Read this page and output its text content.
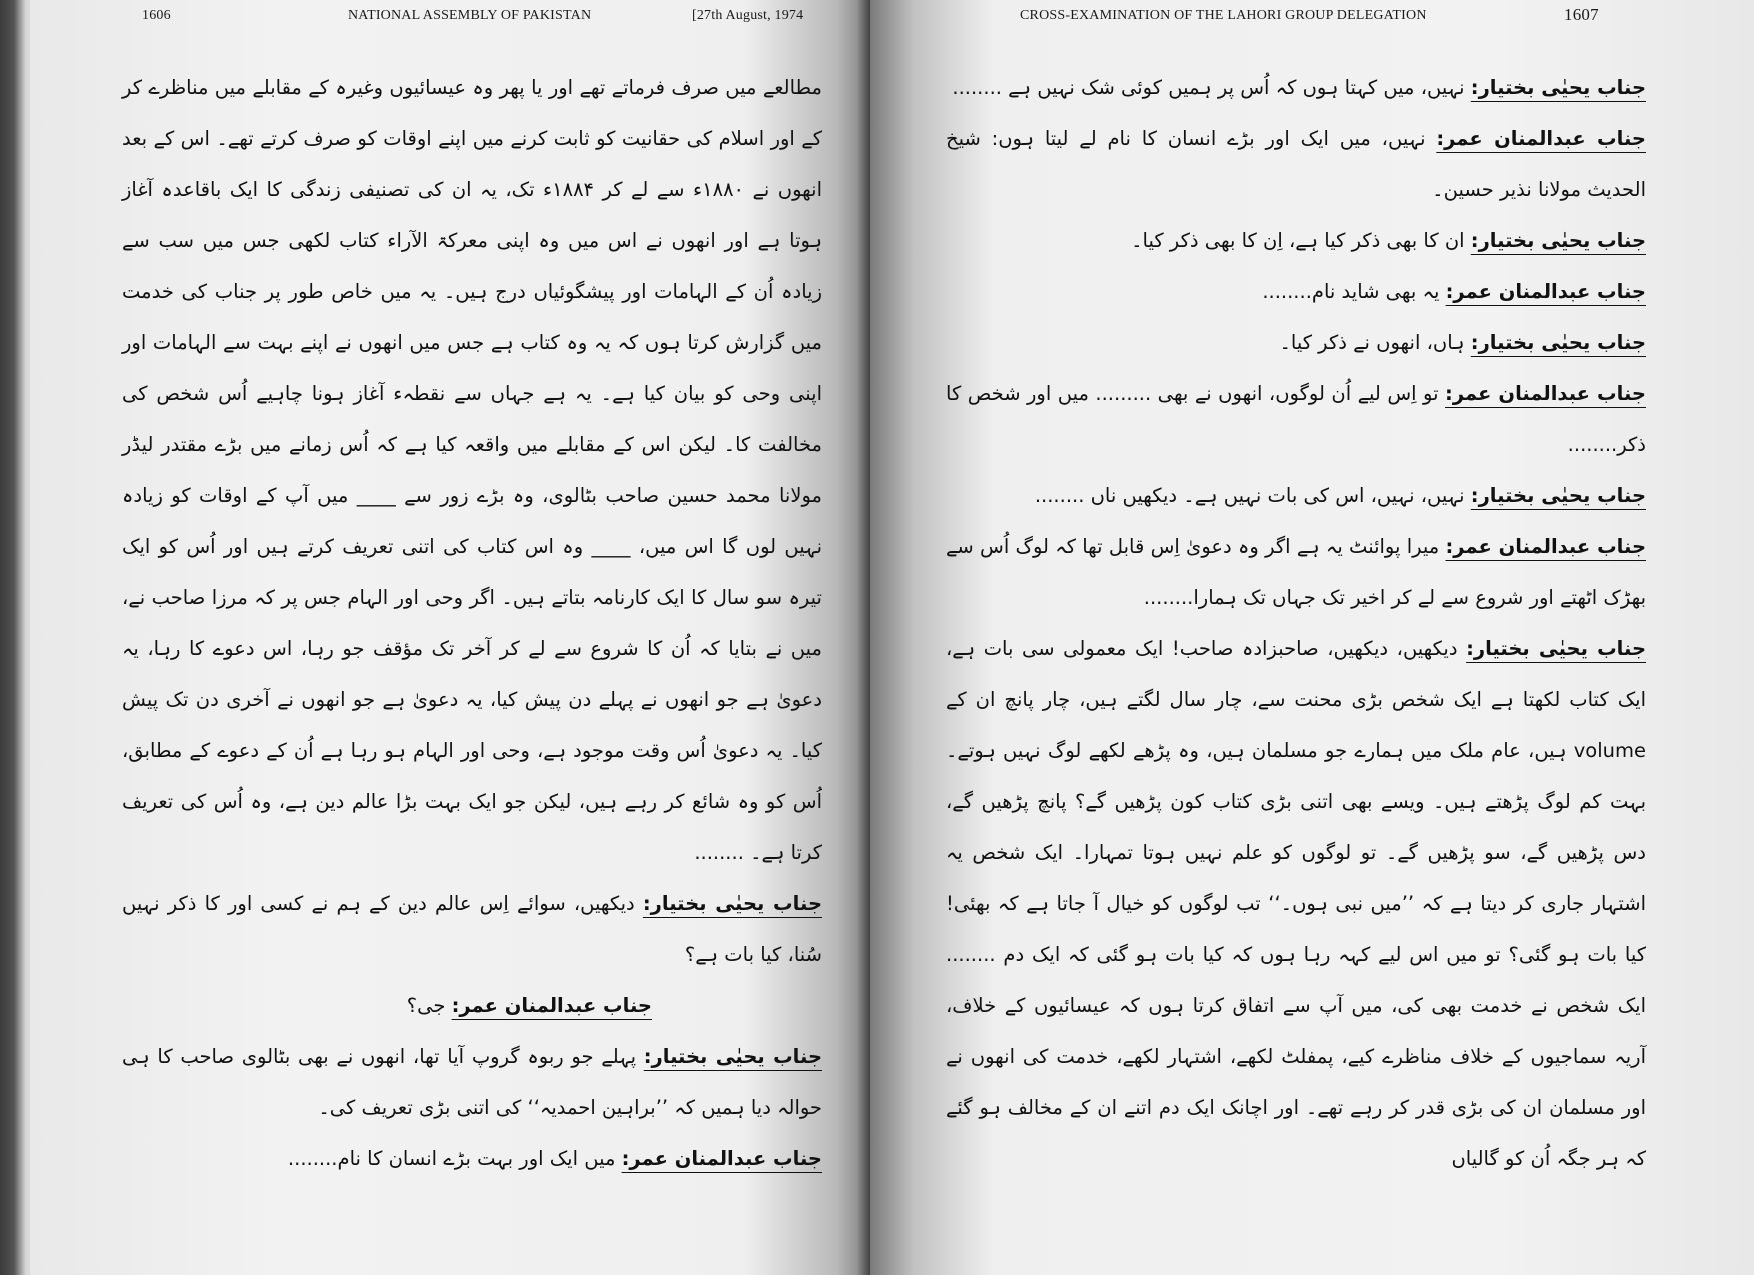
1606	NATIONAL ASSEMBLY OF PAKISTAN	[27th August, 1974

مطالعے میں صرف فرماتے تھے اور یا پھر وہ عیسائیوں وغیرہ کے مقابلے میں مناظرے کر کے اور اسلام کی حقانیت کو ثابت کرنے میں اپنے اوقات کو صرف کرتے تھے۔ اس کے بعد انھوں نے ۱۸۸۰ء سے لے کر ۱۸۸۴ء تک، یہ ان کی تصنیفی زندگی کا ایک باقاعدہ آغاز ہوتا ہے اور انھوں نے اس میں وہ اپنی معرکۃ الآراء کتاب لکھی جس میں سب سے زیادہ اُن کے الہامات اور پیشگوئیاں درج ہیں۔ یہ میں خاص طور پر جناب کی خدمت میں گزارش کرتا ہوں کہ یہ وہ کتاب ہے جس میں انھوں نے اپنے بہت سے الہامات اور اپنی وحی کو بیان کیا ہے۔ یہ ہے جہاں سے نقطہء آغاز ہونا چاہیے اُس شخص کی مخالفت کا۔ لیکن اس کے مقابلے میں واقعہ کیا ہے کہ اُس زمانے میں بڑے مقتدر لیڈر مولانا محمد حسین صاحب بٹالوی، وہ بڑے زور سے ____ میں آپ کے اوقات کو زیادہ نہیں لوں گا اس میں، ____ وہ اس کتاب کی اتنی تعریف کرتے ہیں اور اُس کو ایک تیرہ سو سال کا ایک کارنامہ بتاتے ہیں۔ اگر وحی اور الہام جس پر کہ مرزا صاحب نے، میں نے بتایا کہ اُن کا شروع سے لے کر آخر تک مؤقف جو رہا، اس دعوے کا رہا، یہ دعویٰ ہے جو انھوں نے پہلے دن پیش کیا، یہ دعویٰ ہے جو انھوں نے آخری دن تک پیش کیا۔ یہ دعویٰ اُس وقت موجود ہے، وحی اور الہام ہو رہا ہے اُن کے دعوے کے مطابق، اُس کو وہ شائع کر رہے ہیں، لیکن جو ایک بہت بڑا عالم دین ہے، وہ اُس کی تعریف کرتا ہے۔ ........

جناب یحیٰی بختیار: دیکھیں، سوائے اِس عالم دین کے ہم نے کسی اور کا ذکر نہیں سُنا، کیا بات ہے؟

جناب عبدالمنان عمر: جی؟

جناب یحیٰی بختیار: پہلے جو ربوہ گروپ آیا تھا، انھوں نے بھی بٹالوی صاحب کا ہی حوالہ دیا ہمیں کہ ’’براہین احمدیہ‘‘ کی اتنی بڑی تعریف کی۔

جناب عبدالمنان عمر: میں ایک اور بہت بڑے انسان کا نام........

CROSS-EXAMINATION OF THE LAHORI GROUP DELEGATION	1607

جناب یحیٰی بختیار: نہیں، میں کہتا ہوں کہ اُس پر ہمیں کوئی شک نہیں ہے ........

جناب عبدالمنان عمر: نہیں، میں ایک اور بڑے انسان کا نام لے لیتا ہوں: شیخ الحدیث مولانا نذیر حسین۔

جناب یحیٰی بختیار: ان کا بھی ذکر کیا ہے، اِن کا بھی ذکر کیا۔

جناب عبدالمنان عمر: یہ بھی شاید نام........

جناب یحیٰی بختیار: ہاں، انھوں نے ذکر کیا۔

جناب عبدالمنان عمر: تو اِس لیے اُن لوگوں، انھوں نے بھی ......... میں اور شخص کا ذکر........

جناب یحیٰی بختیار: نہیں، نہیں، اس کی بات نہیں ہے۔ دیکھیں ناں ........

جناب عبدالمنان عمر: میرا پوائنٹ یہ ہے اگر وہ دعویٰ اِس قابل تھا کہ لوگ اُس سے بھڑک اٹھتے اور شروع سے لے کر اخیر تک جہاں تک ہمارا........

جناب یحیٰی بختیار: دیکھیں، دیکھیں، صاحبزادہ صاحب! ایک معمولی سی بات ہے، ایک کتاب لکھتا ہے ایک شخص بڑی محنت سے، چار سال لگتے ہیں، چار پانچ ان کے volume ہیں، عام ملک میں ہمارے جو مسلمان ہیں، وہ پڑھے لکھے لوگ نہیں ہوتے۔ بہت کم لوگ پڑھتے ہیں۔ ویسے بھی اتنی بڑی کتاب کون پڑھیں گے؟ پانچ پڑھیں گے، دس پڑھیں گے، سو پڑھیں گے۔ تو لوگوں کو علم نہیں ہوتا تمہارا۔ ایک شخص یہ اشتہار جاری کر دیتا ہے کہ ’’میں نبی ہوں۔‘‘ تب لوگوں کو خیال آ جاتا ہے کہ بھئی! کیا بات ہو گئی؟ تو میں اس لیے کہہ رہا ہوں کہ کیا بات ہو گئی کہ ایک دم ........ ایک شخص نے خدمت بھی کی، میں آپ سے اتفاق کرتا ہوں کہ عیسائیوں کے خلاف، آریہ سماجیوں کے خلاف مناظرے کیے، پمفلٹ لکھے، اشتہار لکھے، خدمت کی انھوں نے اور مسلمان ان کی بڑی قدر کر رہے تھے۔ اور اچانک ایک دم اتنے ان کے مخالف ہو گئے کہ ہر جگہ اُن کو گالیاں
